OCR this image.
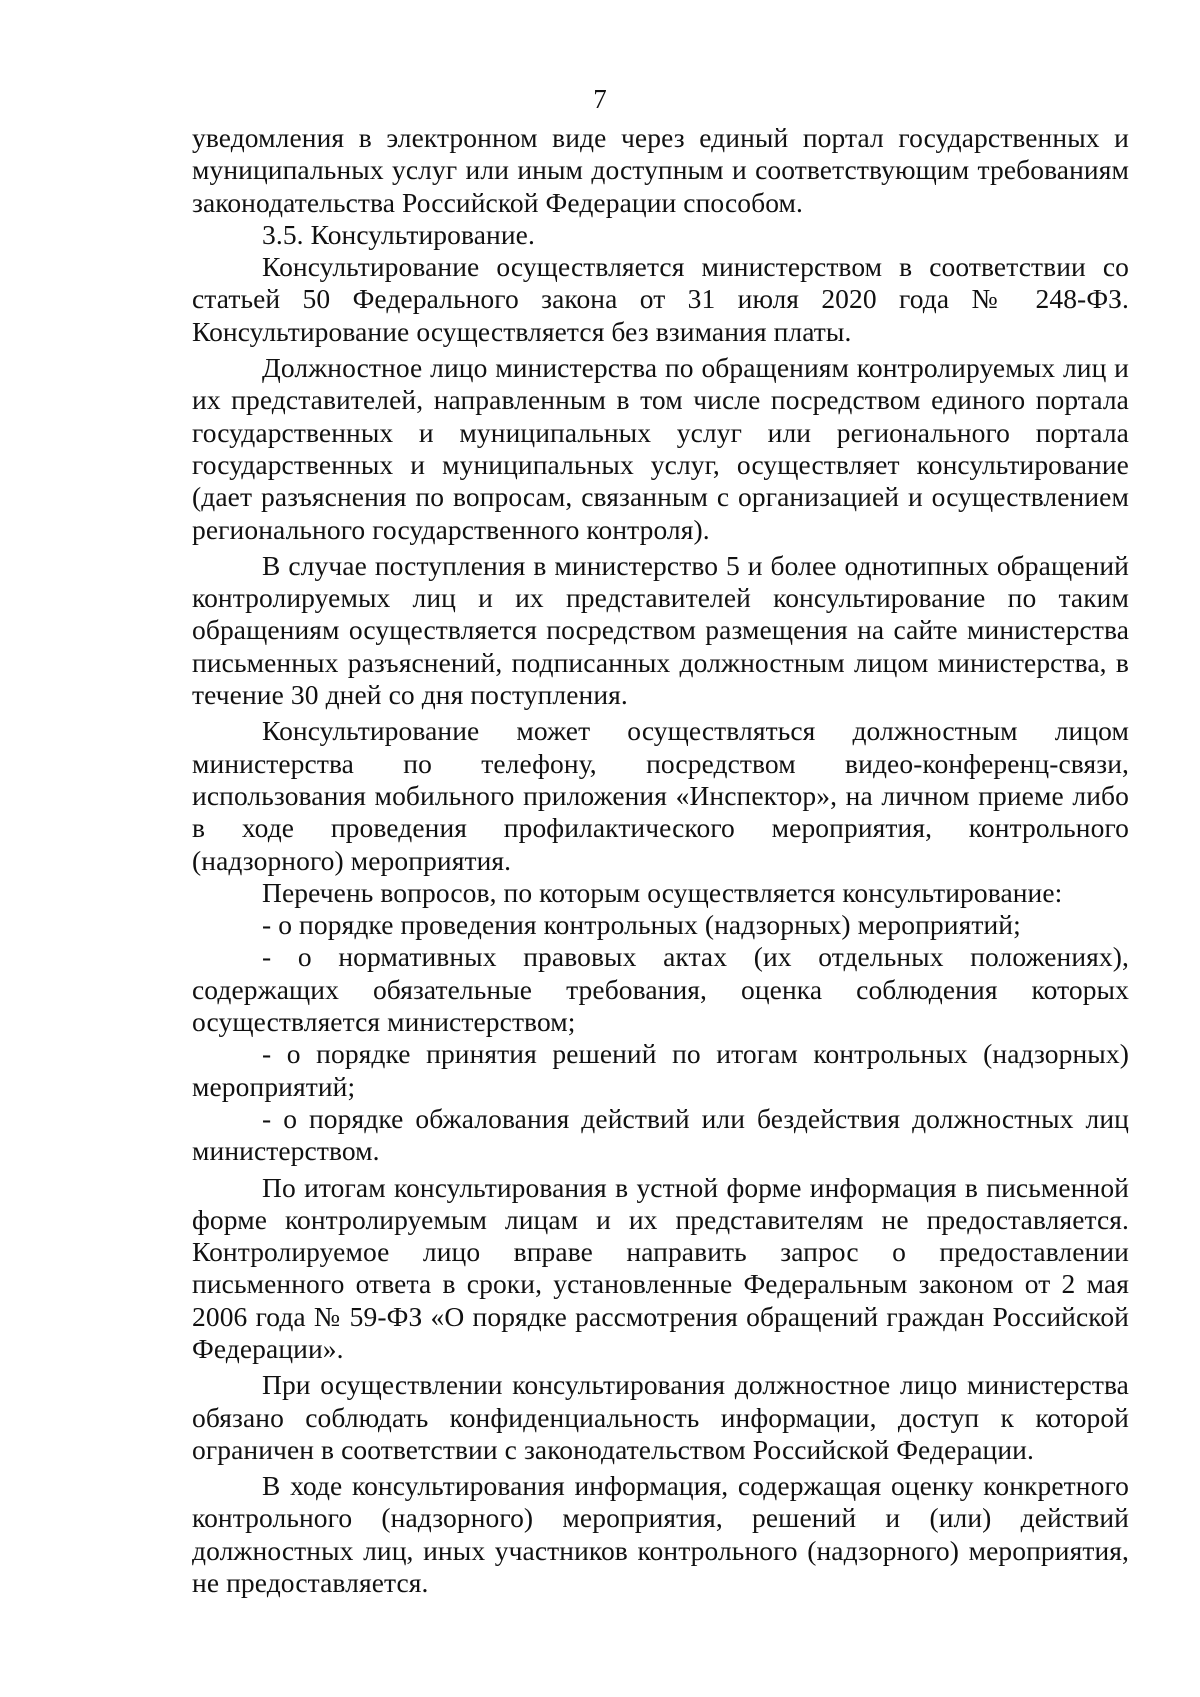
7

уведомления в электронном виде через единый портал государственных и муниципальных услуг или иным доступным и соответствующим требованиям законодательства Российской Федерации способом.

3.5. Консультирование.

Консультирование осуществляется министерством в соответствии со статьей 50 Федерального закона от 31 июля 2020 года № 248-ФЗ. Консультирование осуществляется без взимания платы.

Должностное лицо министерства по обращениям контролируемых лиц и их представителей, направленным в том числе посредством единого портала государственных и муниципальных услуг или регионального портала государственных и муниципальных услуг, осуществляет консультирование (дает разъяснения по вопросам, связанным с организацией и осуществлением регионального государственного контроля).

В случае поступления в министерство 5 и более однотипных обращений контролируемых лиц и их представителей консультирование по таким обращениям осуществляется посредством размещения на сайте министерства письменных разъяснений, подписанных должностным лицом министерства, в течение 30 дней со дня поступления.

Консультирование может осуществляться должностным лицом министерства по телефону, посредством видео-конференц-связи, использования мобильного приложения «Инспектор», на личном приеме либо в ходе проведения профилактического мероприятия, контрольного (надзорного) мероприятия.

Перечень вопросов, по которым осуществляется консультирование:

- о порядке проведения контрольных (надзорных) мероприятий;

- о нормативных правовых актах (их отдельных положениях), содержащих обязательные требования, оценка соблюдения которых осуществляется министерством;

- о порядке принятия решений по итогам контрольных (надзорных) мероприятий;

- о порядке обжалования действий или бездействия должностных лиц министерством.

По итогам консультирования в устной форме информация в письменной форме контролируемым лицам и их представителям не предоставляется. Контролируемое лицо вправе направить запрос о предоставлении письменного ответа в сроки, установленные Федеральным законом от 2 мая 2006 года № 59-ФЗ «О порядке рассмотрения обращений граждан Российской Федерации».

При осуществлении консультирования должностное лицо министерства обязано соблюдать конфиденциальность информации, доступ к которой ограничен в соответствии с законодательством Российской Федерации.

В ходе консультирования информация, содержащая оценку конкретного контрольного (надзорного) мероприятия, решений и (или) действий должностных лиц, иных участников контрольного (надзорного) мероприятия, не предоставляется.
